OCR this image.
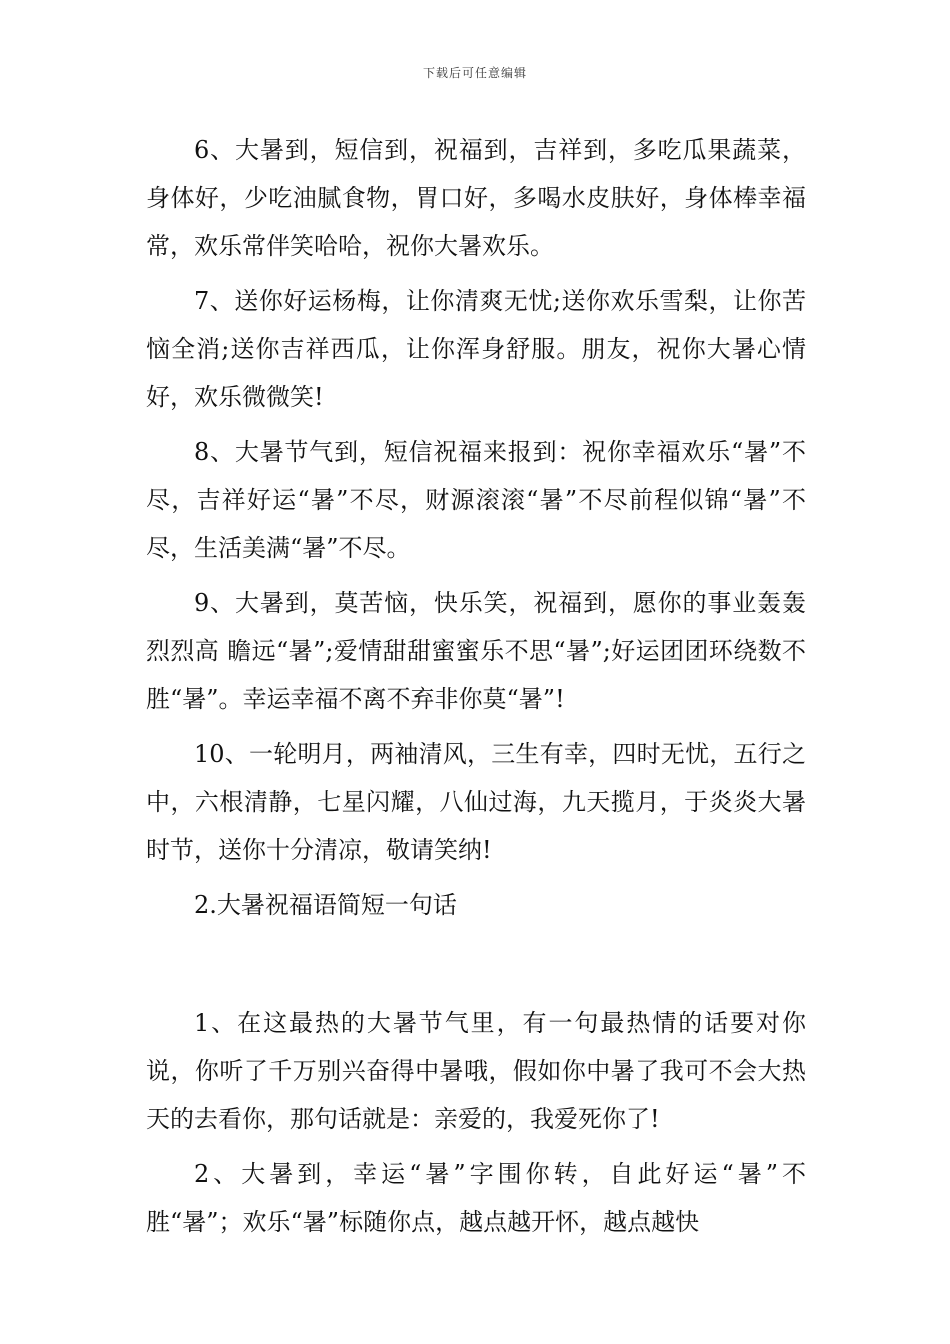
下载后可任意编辑

6、大暑到，短信到，祝福到，吉祥到，多吃瓜果蔬菜，身体好，少吃油腻食物，胃口好，多喝水皮肤好，身体棒幸福常，欢乐常伴笑哈哈，祝你大暑欢乐。

7、送你好运杨梅，让你清爽无忧;送你欢乐雪梨，让你苦恼全消;送你吉祥西瓜，让你浑身舒服。朋友，祝你大暑心情好，欢乐微微笑!

8、大暑节气到，短信祝福来报到：祝你幸福欢乐“暑”不尽，吉祥好运“暑”不尽，财源滚滚“暑”不尽前程似锦“暑”不尽，生活美满“暑”不尽。

9、大暑到，莫苦恼，快乐笑，祝福到，愿你的事业轰轰烈烈高 瞻远“暑”;爱情甜甜蜜蜜乐不思“暑”;好运团团环绕数不胜“暑”。幸运幸福不离不弃非你莫“暑”!

10、一轮明月，两袖清风，三生有幸，四时无忧，五行之中，六根清静，七星闪耀，八仙过海，九天揽月，于炎炎大暑时节，送你十分清凉，敬请笑纳!

2.大暑祝福语简短一句话

1、在这最热的大暑节气里，有一句最热情的话要对你说，你听了千万别兴奋得中暑哦，假如你中暑了我可不会大热天的去看你，那句话就是：亲爱的，我爱死你了!

2、大暑到，幸运“暑”字围你转，自此好运“暑”不胜“暑”；欢乐“暑”标随你点，越点越开怀，越点越快
